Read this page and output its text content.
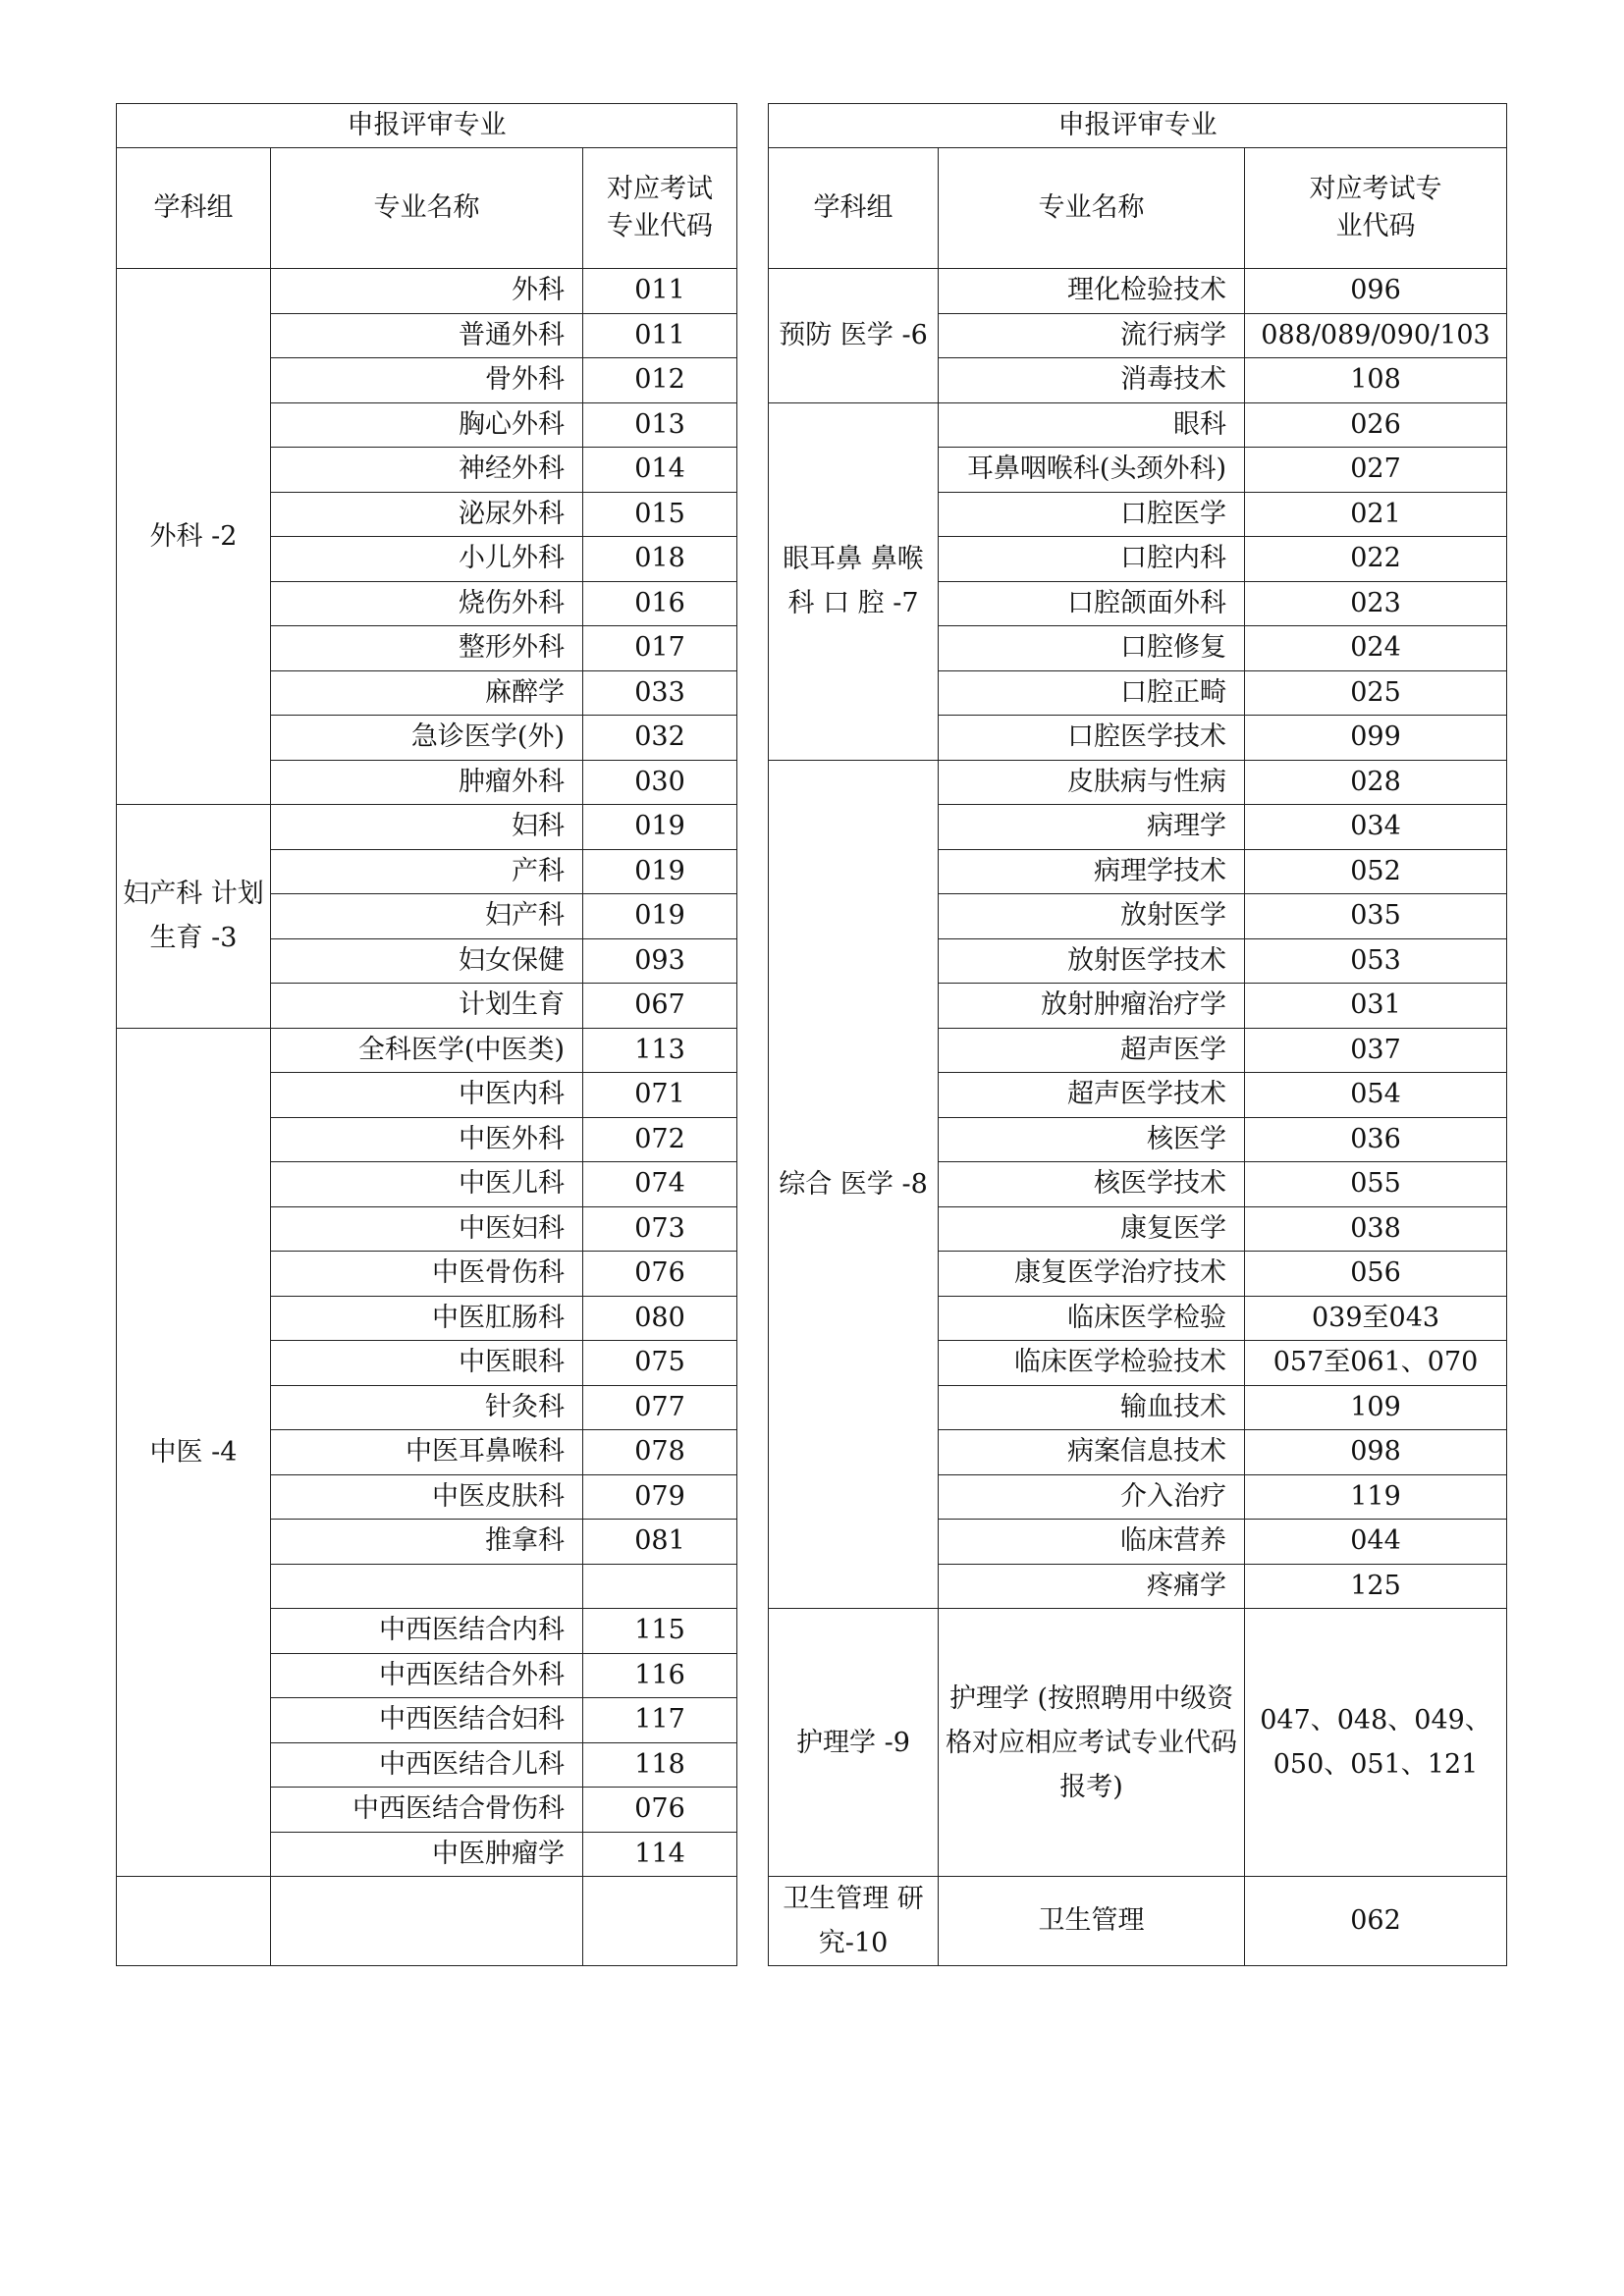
申报评审专业				申报评审专业		
学科组	专业名称	对应考试专业代码		学科组	专业名称	对应考试专业代码
外科 -2	外科	011		预防 医学 -6	理化检验技术	096
	普通外科	011			流行病学	088/089/090/103
	骨外科	012			消毒技术	108
	胸心外科	013		眼耳鼻 鼻喉科 口 腔 -7	眼科	026
	神经外科	014			耳鼻咽喉科(头颈外科)	027
	泌尿外科	015			口腔医学	021
	小儿外科	018			口腔内科	022
	烧伤外科	016			口腔颌面外科	023
	整形外科	017			口腔修复	024
	麻醉学	033			口腔正畸	025
	急诊医学(外)	032			口腔医学技术	099
	肿瘤外科	030		综合 医学 -8	皮肤病与性病	028
妇产科 计划生育 -3	妇科	019			病理学	034
	产科	019			病理学技术	052
	妇产科	019			放射医学	035
	妇女保健	093			放射医学技术	053
	计划生育	067			放射肿瘤治疗学	031
中医 -4	全科医学(中医类)	113			超声医学	037
	中医内科	071			超声医学技术	054
	中医外科	072			核医学	036
	中医儿科	074			核医学技术	055
	中医妇科	073			康复医学	038
	中医骨伤科	076			康复医学治疗技术	056
	中医肛肠科	080			临床医学检验	039至043
	中医眼科	075			临床医学检验技术	057至061、070
	针灸科	077			输血技术	109
	中医耳鼻喉科	078			病案信息技术	098
	中医皮肤科	079			介入治疗	119
	推拿科	081			临床营养	044
					疼痛学	125
	中西医结合内科	115		护理学 -9	护理学 (按照聘用中级资格对应相应考试专业代码报考)	047、048、049、050、051、121
	中西医结合外科	116				
	中西医结合妇科	117				
	中西医结合儿科	118				
	中西医结合骨伤科	076				
	中医肿瘤学	114				
				卫生管理 研究-10	卫生管理	062
